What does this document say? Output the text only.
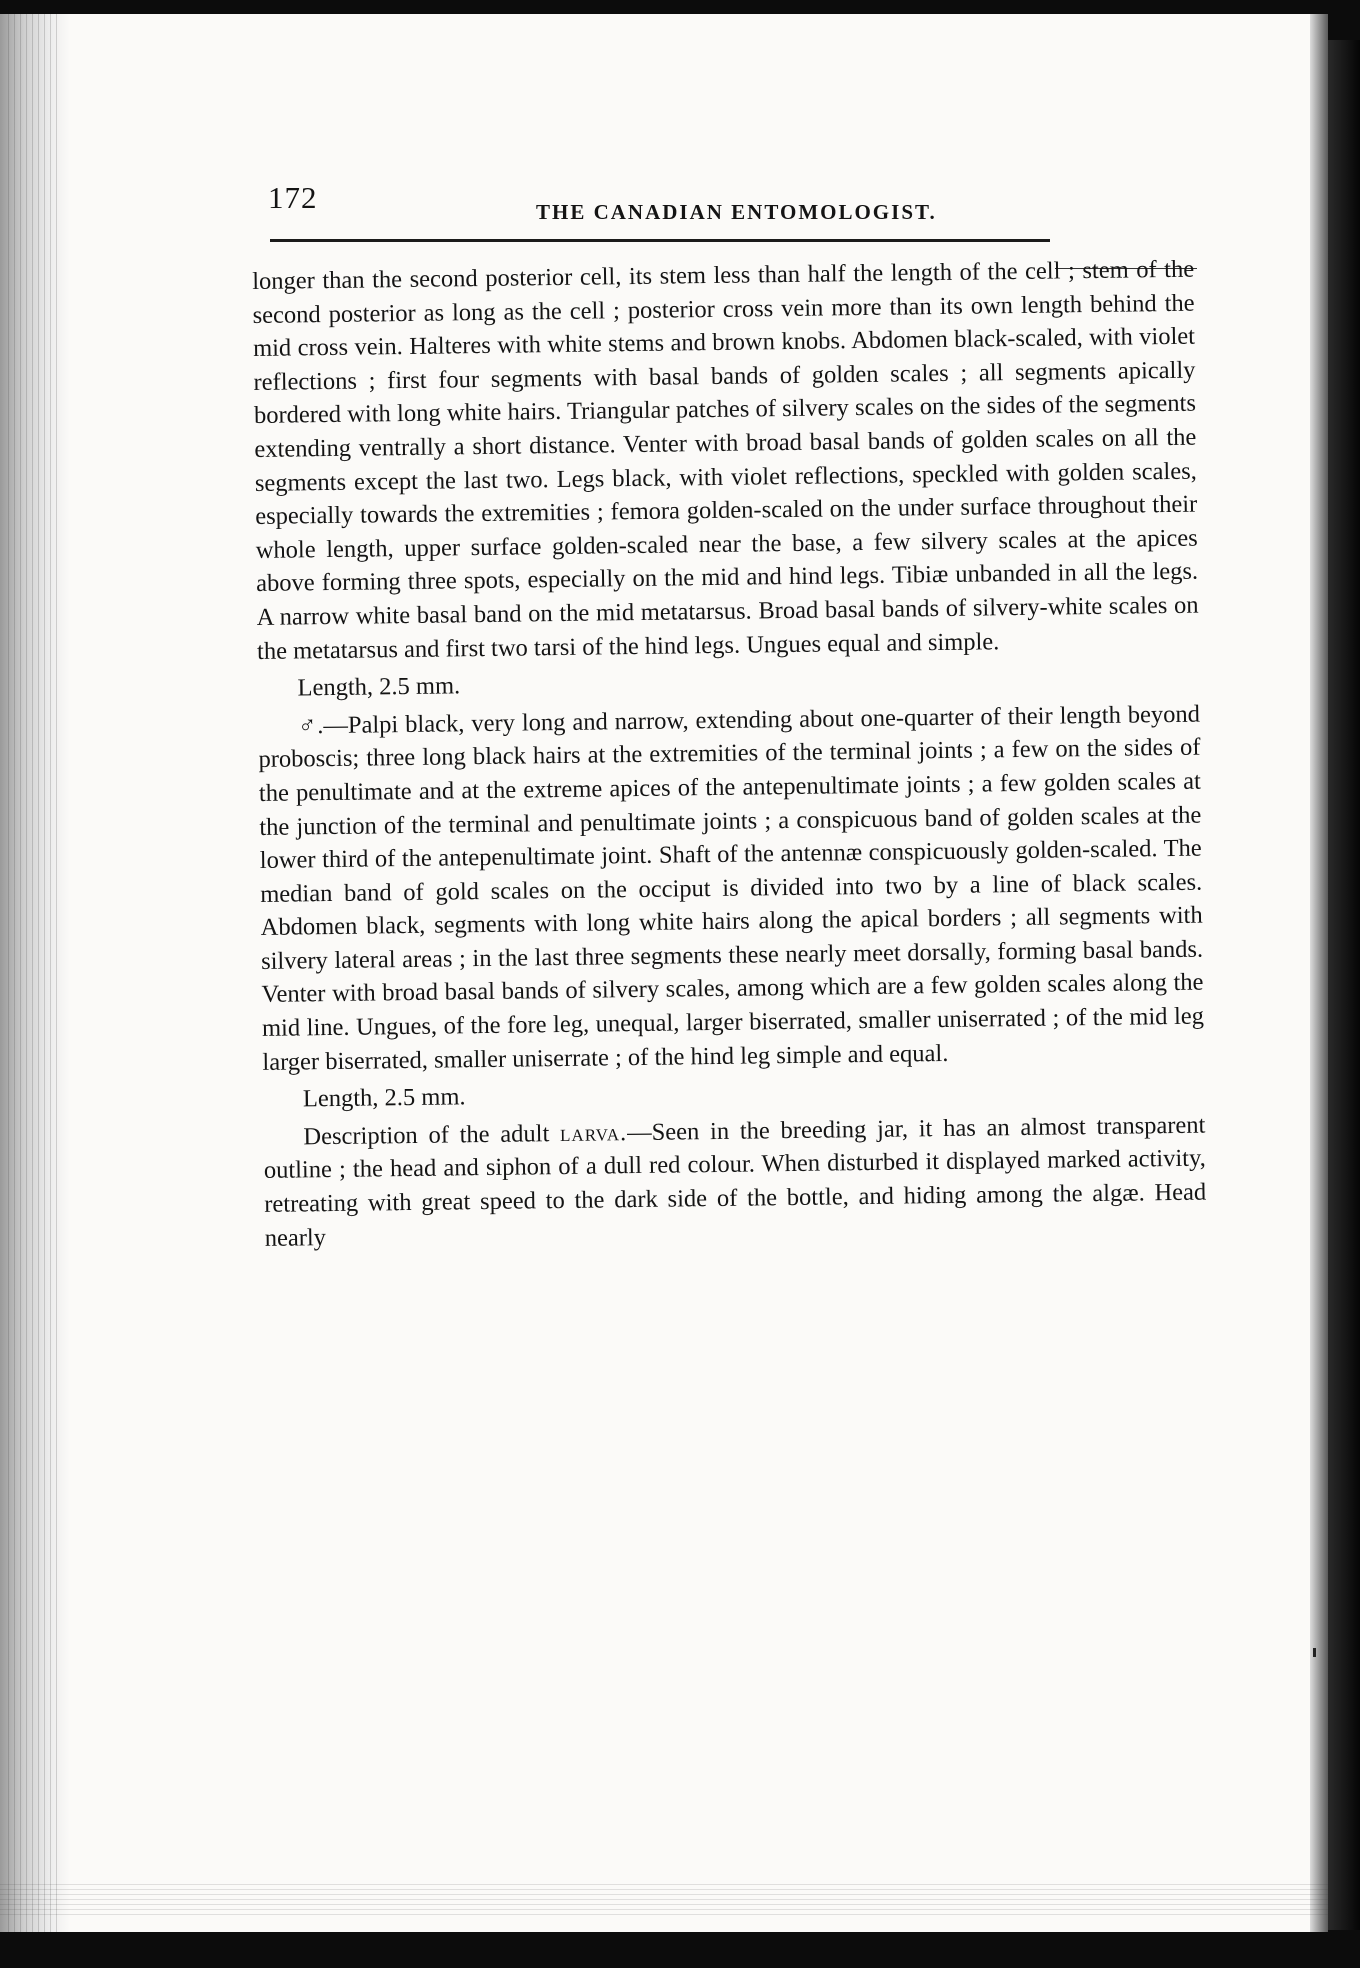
172	THE CANADIAN ENTOMOLOGIST.

longer than the second posterior cell, its stem less than half the length of the cell ; stem of the second posterior as long as the cell ; posterior cross vein more than its own length behind the mid cross vein. Halteres with white stems and brown knobs. Abdomen black-scaled, with violet reflections ; first four segments with basal bands of golden scales ; all segments apically bordered with long white hairs. Triangular patches of silvery scales on the sides of the segments extending ventrally a short distance. Venter with broad basal bands of golden scales on all the segments except the last two. Legs black, with violet reflections, speckled with golden scales, especially towards the extremities ; femora golden-scaled on the under surface throughout their whole length, upper surface golden-scaled near the base, a few silvery scales at the apices above forming three spots, especially on the mid and hind legs. Tibiæ unbanded in all the legs. A narrow white basal band on the mid metatarsus. Broad basal bands of silvery-white scales on the metatarsus and first two tarsi of the hind legs. Ungues equal and simple.

Length, 2.5 mm.

♂.—Palpi black, very long and narrow, extending about one-quarter of their length beyond proboscis; three long black hairs at the extremities of the terminal joints ; a few on the sides of the penultimate and at the extreme apices of the antepenultimate joints ; a few golden scales at the junction of the terminal and penultimate joints ; a conspicuous band of golden scales at the lower third of the antepenultimate joint. Shaft of the antennæ conspicuously golden-scaled. The median band of gold scales on the occiput is divided into two by a line of black scales. Abdomen black, segments with long white hairs along the apical borders ; all segments with silvery lateral areas ; in the last three segments these nearly meet dorsally, forming basal bands. Venter with broad basal bands of silvery scales, among which are a few golden scales along the mid line. Ungues, of the fore leg, unequal, larger biserrated, smaller uniserrated ; of the mid leg larger biserrated, smaller uniserrate ; of the hind leg simple and equal.

Length, 2.5 mm.

Description of the adult larva.—Seen in the breeding jar, it has an almost transparent outline ; the head and siphon of a dull red colour. When disturbed it displayed marked activity, retreating with great speed to the dark side of the bottle, and hiding among the algæ. Head nearly
